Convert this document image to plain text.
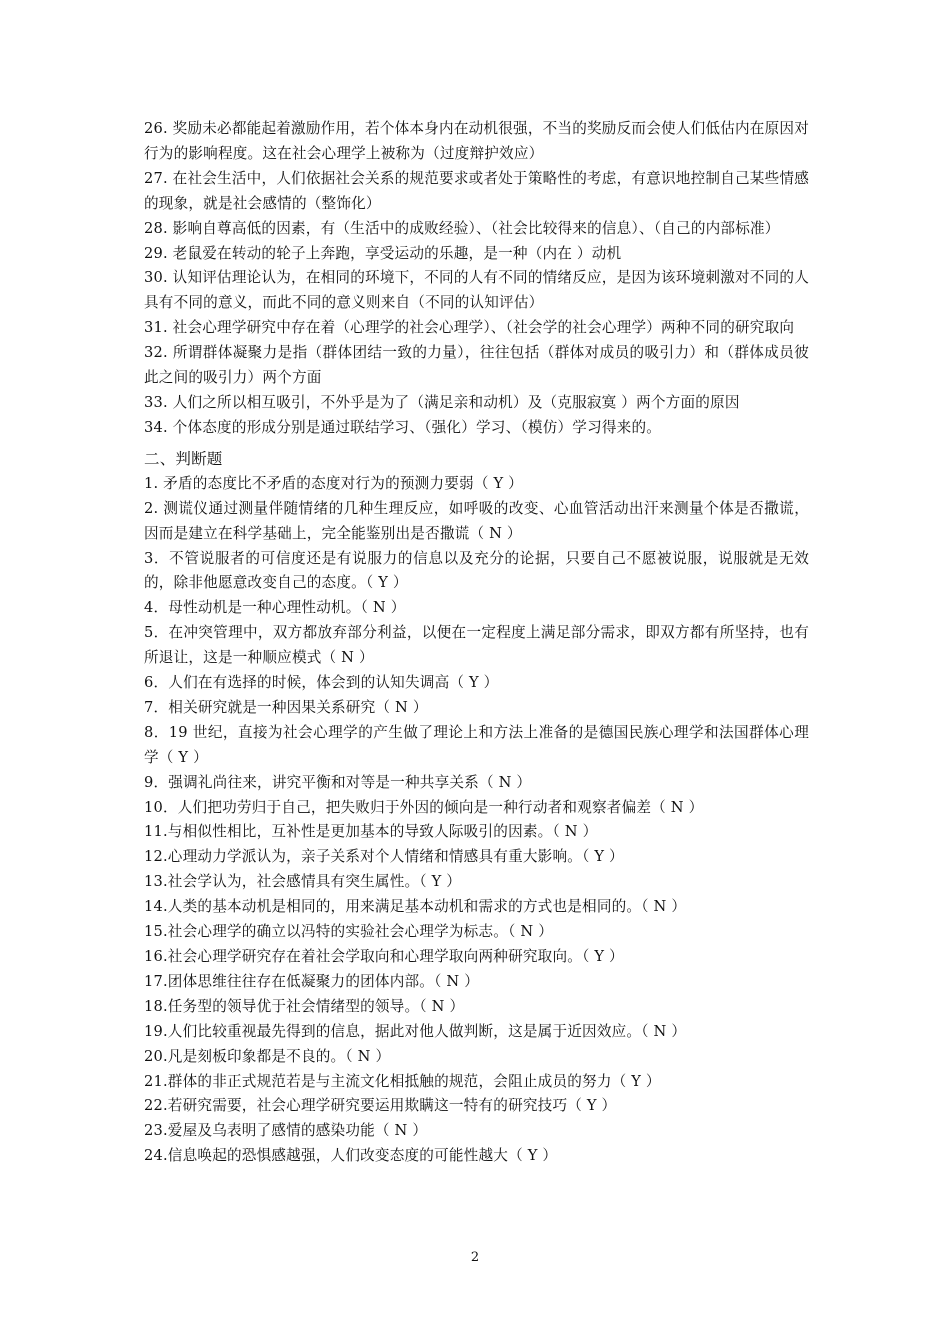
26. 奖励未必都能起着激励作用，若个体本身内在动机很强，不当的奖励反而会使人们低估内在原因对行为的影响程度。这在社会心理学上被称为（过度辩护效应）

27. 在社会生活中，人们依据社会关系的规范要求或者处于策略性的考虑，有意识地控制自己某些情感的现象，就是社会感情的（整饰化）

28. 影响自尊高低的因素，有（生活中的成败经验）、（社会比较得来的信息）、（自己的内部标准）

29. 老鼠爱在转动的轮子上奔跑，享受运动的乐趣，是一种（内在 ）动机

30. 认知评估理论认为，在相同的环境下，不同的人有不同的情绪反应，是因为该环境刺激对不同的人具有不同的意义，而此不同的意义则来自（不同的认知评估）

31. 社会心理学研究中存在着（心理学的社会心理学）、（社会学的社会心理学）两种不同的研究取向

32. 所谓群体凝聚力是指（群体团结一致的力量），往往包括（群体对成员的吸引力）和（群体成员彼此之间的吸引力）两个方面

33. 人们之所以相互吸引，不外乎是为了（满足亲和动机）及（克服寂寞 ）两个方面的原因

34. 个体态度的形成分别是通过联结学习、（强化）学习、（模仿）学习得来的。

二、判断题

1. 矛盾的态度比不矛盾的态度对行为的预测力要弱（ Y ）

2. 测谎仪通过测量伴随情绪的几种生理反应，如呼吸的改变、心血管活动出汗来测量个体是否撒谎，因而是建立在科学基础上，完全能鉴别出是否撒谎（ N ）

3．不管说服者的可信度还是有说服力的信息以及充分的论据，只要自己不愿被说服，说服就是无效的，除非他愿意改变自己的态度。（ Y ）

4．母性动机是一种心理性动机。（ N ）

5．在冲突管理中，双方都放弃部分利益，以便在一定程度上满足部分需求，即双方都有所坚持，也有所退让，这是一种顺应模式（ N ）

6．人们在有选择的时候，体会到的认知失调高（ Y ）

7．相关研究就是一种因果关系研究（ N ）

8．19 世纪，直接为社会心理学的产生做了理论上和方法上准备的是德国民族心理学和法国群体心理学（ Y ）

9．强调礼尚往来，讲究平衡和对等是一种共享关系（ N ）

10．人们把功劳归于自己，把失败归于外因的倾向是一种行动者和观察者偏差（ N ）

11.与相似性相比，互补性是更加基本的导致人际吸引的因素。（ N ）

12.心理动力学派认为，亲子关系对个人情绪和情感具有重大影响。（ Y ）

13.社会学认为，社会感情具有突生属性。（ Y ）

14.人类的基本动机是相同的，用来满足基本动机和需求的方式也是相同的。（ N ）

15.社会心理学的确立以冯特的实验社会心理学为标志。（ N ）

16.社会心理学研究存在着社会学取向和心理学取向两种研究取向。（ Y ）

17.团体思维往往存在低凝聚力的团体内部。（ N ）

18.任务型的领导优于社会情绪型的领导。（ N ）

19.人们比较重视最先得到的信息，据此对他人做判断，这是属于近因效应。（ N ）

20.凡是刻板印象都是不良的。（ N ）

21.群体的非正式规范若是与主流文化相抵触的规范，会阻止成员的努力（ Y ）

22.若研究需要，社会心理学研究要运用欺瞒这一特有的研究技巧（ Y ）

23.爱屋及乌表明了感情的感染功能（ N ）

24.信息唤起的恐惧感越强，人们改变态度的可能性越大（ Y ）

2
